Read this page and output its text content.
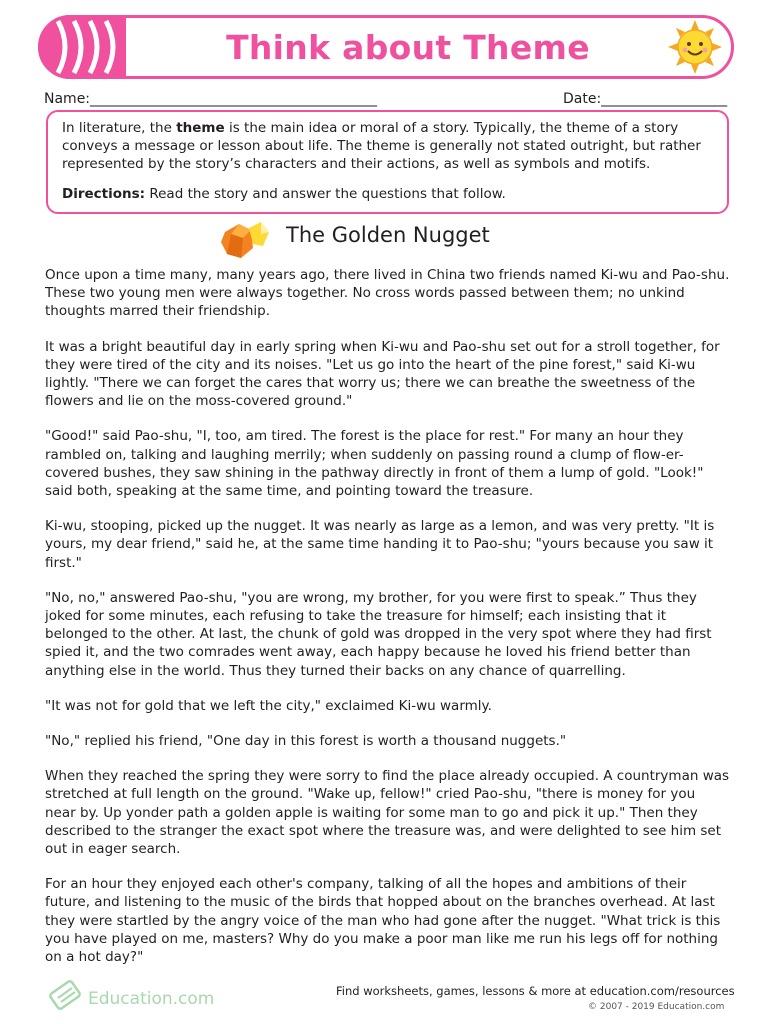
Think about Theme
Name:_________________________________________	Date:__________________

In literature, the theme is the main idea or moral of a story. Typically, the theme of a story conveys a message or lesson about life. The theme is generally not stated outright, but rather represented by the story’s characters and their actions, as well as symbols and motifs.

Directions: Read the story and answer the questions that follow.

The Golden Nugget

Once upon a time many, many years ago, there lived in China two friends named Ki-wu and Pao-shu. These two young men were always together. No cross words passed between them; no unkind thoughts marred their friendship.

It was a bright beautiful day in early spring when Ki-wu and Pao-shu set out for a stroll together, for they were tired of the city and its noises. "Let us go into the heart of the pine forest," said Ki-wu lightly. "There we can forget the cares that worry us; there we can breathe the sweetness of the flowers and lie on the moss-covered ground."

"Good!" said Pao-shu, "I, too, am tired. The forest is the place for rest." For many an hour they rambled on, talking and laughing merrily; when suddenly on passing round a clump of flow-er-covered bushes, they saw shining in the pathway directly in front of them a lump of gold. "Look!" said both, speaking at the same time, and pointing toward the treasure.

Ki-wu, stooping, picked up the nugget. It was nearly as large as a lemon, and was very pretty. "It is yours, my dear friend," said he, at the same time handing it to Pao-shu; "yours because you saw it first."

"No, no," answered Pao-shu, "you are wrong, my brother, for you were first to speak.” Thus they joked for some minutes, each refusing to take the treasure for himself; each insisting that it belonged to the other. At last, the chunk of gold was dropped in the very spot where they had first spied it, and the two comrades went away, each happy because he loved his friend better than anything else in the world. Thus they turned their backs on any chance of quarrelling.

"It was not for gold that we left the city," exclaimed Ki-wu warmly.

"No," replied his friend, "One day in this forest is worth a thousand nuggets."

When they reached the spring they were sorry to find the place already occupied. A countryman was stretched at full length on the ground. "Wake up, fellow!" cried Pao-shu, "there is money for you near by. Up yonder path a golden apple is waiting for some man to go and pick it up." Then they described to the stranger the exact spot where the treasure was, and were delighted to see him set out in eager search.

For an hour they enjoyed each other's company, talking of all the hopes and ambitions of their future, and listening to the music of the birds that hopped about on the branches overhead. At last they were startled by the angry voice of the man who had gone after the nugget. "What trick is this you have played on me, masters? Why do you make a poor man like me run his legs off for nothing on a hot day?"

Education.com	Find worksheets, games, lessons & more at education.com/resources
© 2007 - 2019 Education.com
